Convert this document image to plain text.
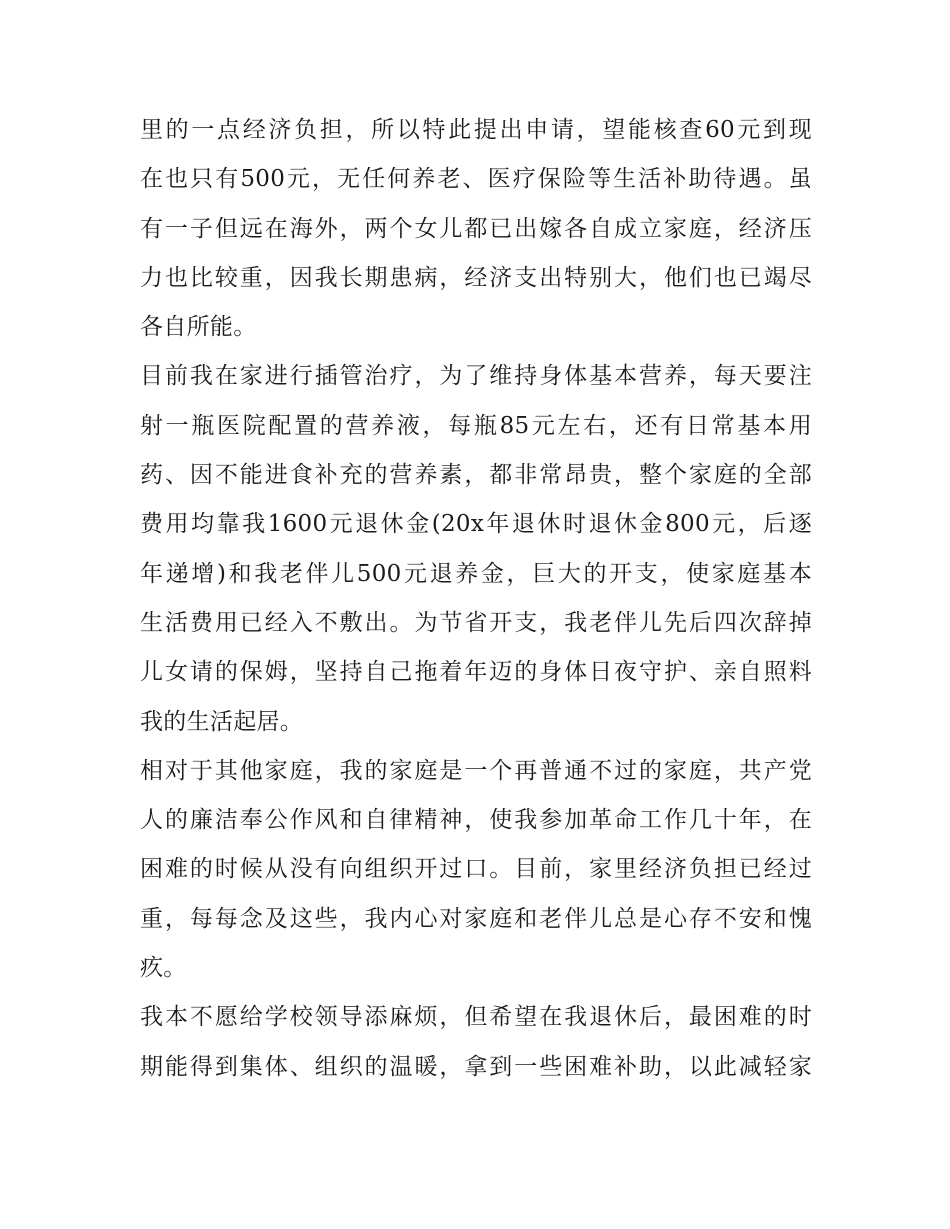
里的一点经济负担，所以特此提出申请，望能核查60元到现
在也只有500元，无任何养老、医疗保险等生活补助待遇。虽
有一子但远在海外，两个女儿都已出嫁各自成立家庭，经济压
力也比较重，因我长期患病，经济支出特别大，他们也已竭尽
各自所能。
目前我在家进行插管治疗，为了维持身体基本营养，每天要注
射一瓶医院配置的营养液，每瓶85元左右，还有日常基本用
药、因不能进食补充的营养素，都非常昂贵，整个家庭的全部
费用均靠我1600元退休金(20x年退休时退休金800元，后逐
年递增)和我老伴儿500元退养金，巨大的开支，使家庭基本
生活费用已经入不敷出。为节省开支，我老伴儿先后四次辞掉
儿女请的保姆，坚持自己拖着年迈的身体日夜守护、亲自照料
我的生活起居。
相对于其他家庭，我的家庭是一个再普通不过的家庭，共产党
人的廉洁奉公作风和自律精神，使我参加革命工作几十年，在
困难的时候从没有向组织开过口。目前，家里经济负担已经过
重，每每念及这些，我内心对家庭和老伴儿总是心存不安和愧
疚。
我本不愿给学校领导添麻烦，但希望在我退休后，最困难的时
期能得到集体、组织的温暖，拿到一些困难补助，以此减轻家
